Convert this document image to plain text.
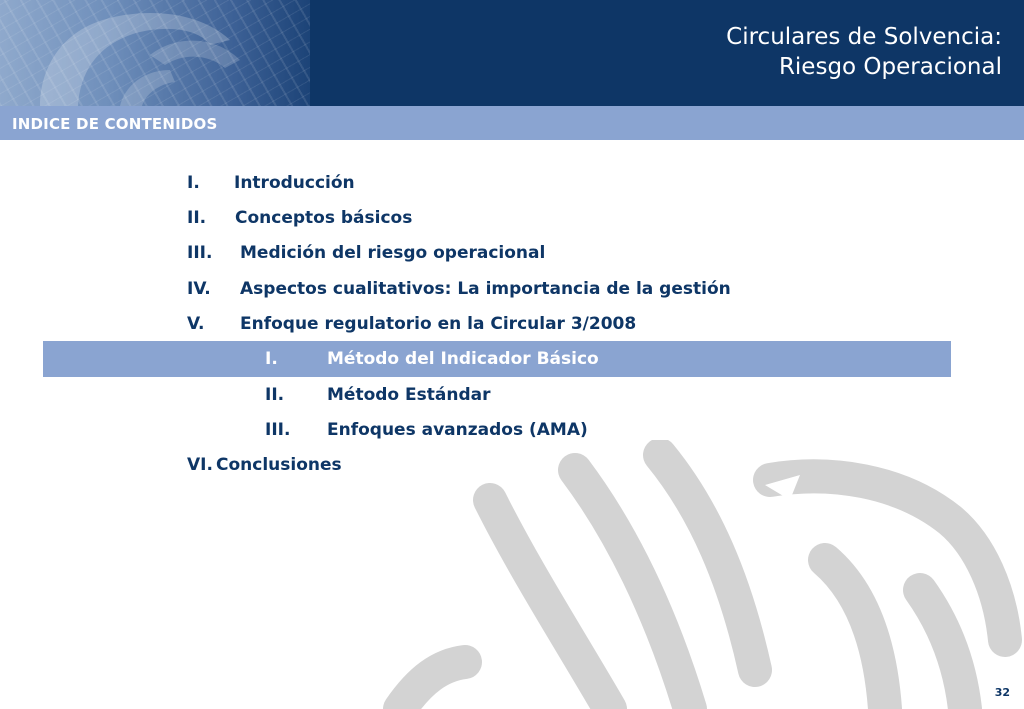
Circulares de Solvencia:
Riesgo Operacional
INDICE DE CONTENIDOS
I. Introducción
II. Conceptos básicos
III. Medición del riesgo operacional
IV. Aspectos cualitativos: La importancia de la gestión
V. Enfoque regulatorio en la Circular 3/2008
I.	Método del Indicador Básico
II.	Método Estándar
III. Enfoques avanzados (AMA)
VI. Conclusiones
32
